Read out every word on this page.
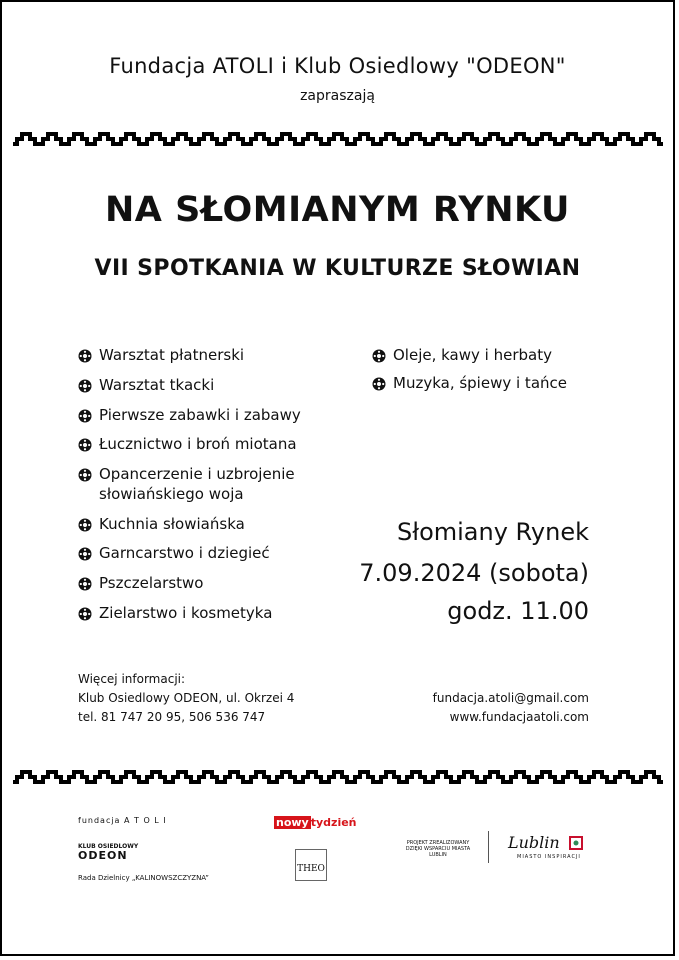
Fundacja ATOLI i Klub Osiedlowy "ODEON"
zapraszają
NA SŁOMIANYM RYNKU
VII SPOTKANIA W KULTURZE SŁOWIAN
Warsztat płatnerski
Warsztat tkacki
Pierwsze zabawki i zabawy
Łucznictwo i broń miotana
Opancerzenie i uzbrojenie słowiańskiego woja
Kuchnia słowiańska
Garncarstwo i dziegieć
Pszczelarstwo
Zielarstwo i kosmetyka
Oleje, kawy i herbaty
Muzyka, śpiewy i tańce
Słomiany Rynek
7.09.2024 (sobota)
godz. 11.00
Więcej informacji:
Klub Osiedlowy ODEON, ul. Okrzei 4
tel. 81 747 20 95, 506 536 747
fundacja.atoli@gmail.com
www.fundacjaatoli.com
fundacja A T O L I
KLUB OSIEDLOWY
ODEON
Rada Dzielnicy „KALINOWSZCZYZNA”
nowy tydzień
THEO
PROJEKT ZREALIZOWANY DZIĘKI WSPARCIU MIASTA LUBLIN
Lublin
MIASTO INSPIRACJI
